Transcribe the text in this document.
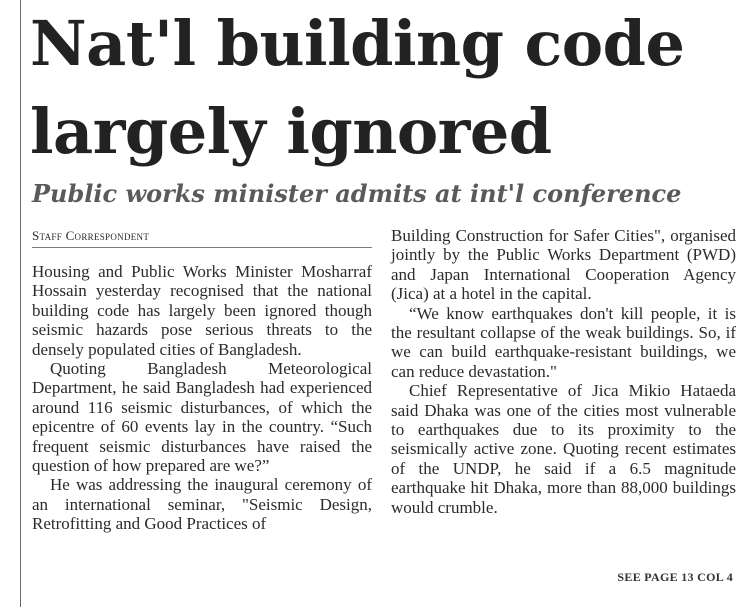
Nat'l building code largely ignored
Public works minister admits at int'l conference
Staff Correspondent

Housing and Public Works Minister Mosharraf Hossain yesterday recognised that the national building code has largely been ignored though seismic hazards pose serious threats to the densely populated cities of Bangladesh.

Quoting Bangladesh Meteorological Department, he said Bangladesh had experienced around 116 seismic disturbances, of which the epicentre of 60 events lay in the country. “Such frequent seismic disturbances have raised the question of how prepared are we?”

He was addressing the inaugural ceremony of an international seminar, "Seismic Design, Retrofitting and Good Practices of

Building Construction for Safer Cities", organised jointly by the Public Works Department (PWD) and Japan International Cooperation Agency (Jica) at a hotel in the capital.

“We know earthquakes don't kill people, it is the resultant collapse of the weak buildings. So, if we can build earthquake-resistant buildings, we can reduce devastation."

Chief Representative of Jica Mikio Hataeda said Dhaka was one of the cities most vulnerable to earthquakes due to its proximity to the seismically active zone. Quoting recent estimates of the UNDP, he said if a 6.5 magnitude earthquake hit Dhaka, more than 88,000 buildings would crumble.

SEE PAGE 13 COL 4
